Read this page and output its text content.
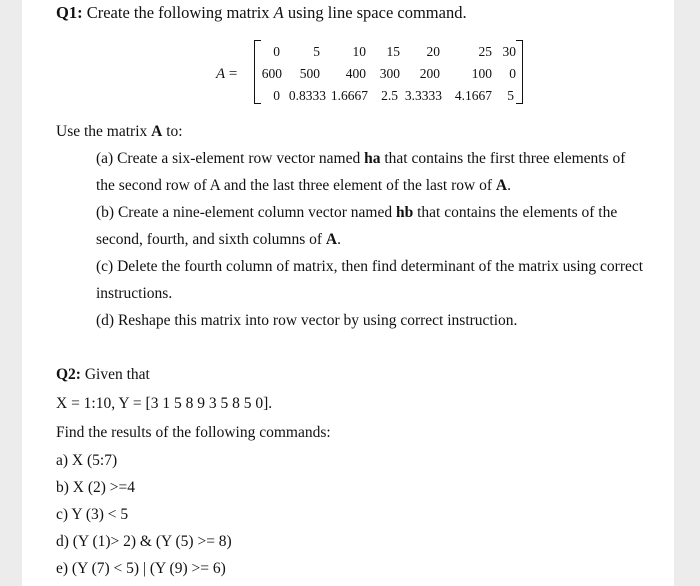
Q1: Create the following matrix A using line space command.
A =
0	5	10	15	20	25 30
600	500	400	300	200	100	0
0 0.8333 1.6667 2.5 3.3333 4.1667	5
Use the matrix A to:
(a) Create a six-element row vector named ha that contains the first three elements of
the second row of A and the last three element of the last row of A.
(b) Create a nine-element column vector named hb that contains the elements of the
second, fourth, and sixth columns of A.
(c) Delete the fourth column of matrix, then find determinant of the matrix using correct
instructions.
(d) Reshape this matrix into row vector by using correct instruction.
Q2: Given that
X = 1:10, Y = [3 1 5 8 9 3 5 8 5 0].
Find the results of the following commands:
a) X (5:7)
b) X (2) >=4
c) Y (3) < 5
d) (Y (1)> 2) & (Y (5) >= 8)
e) (Y (7) < 5) | (Y (9) >= 6)
